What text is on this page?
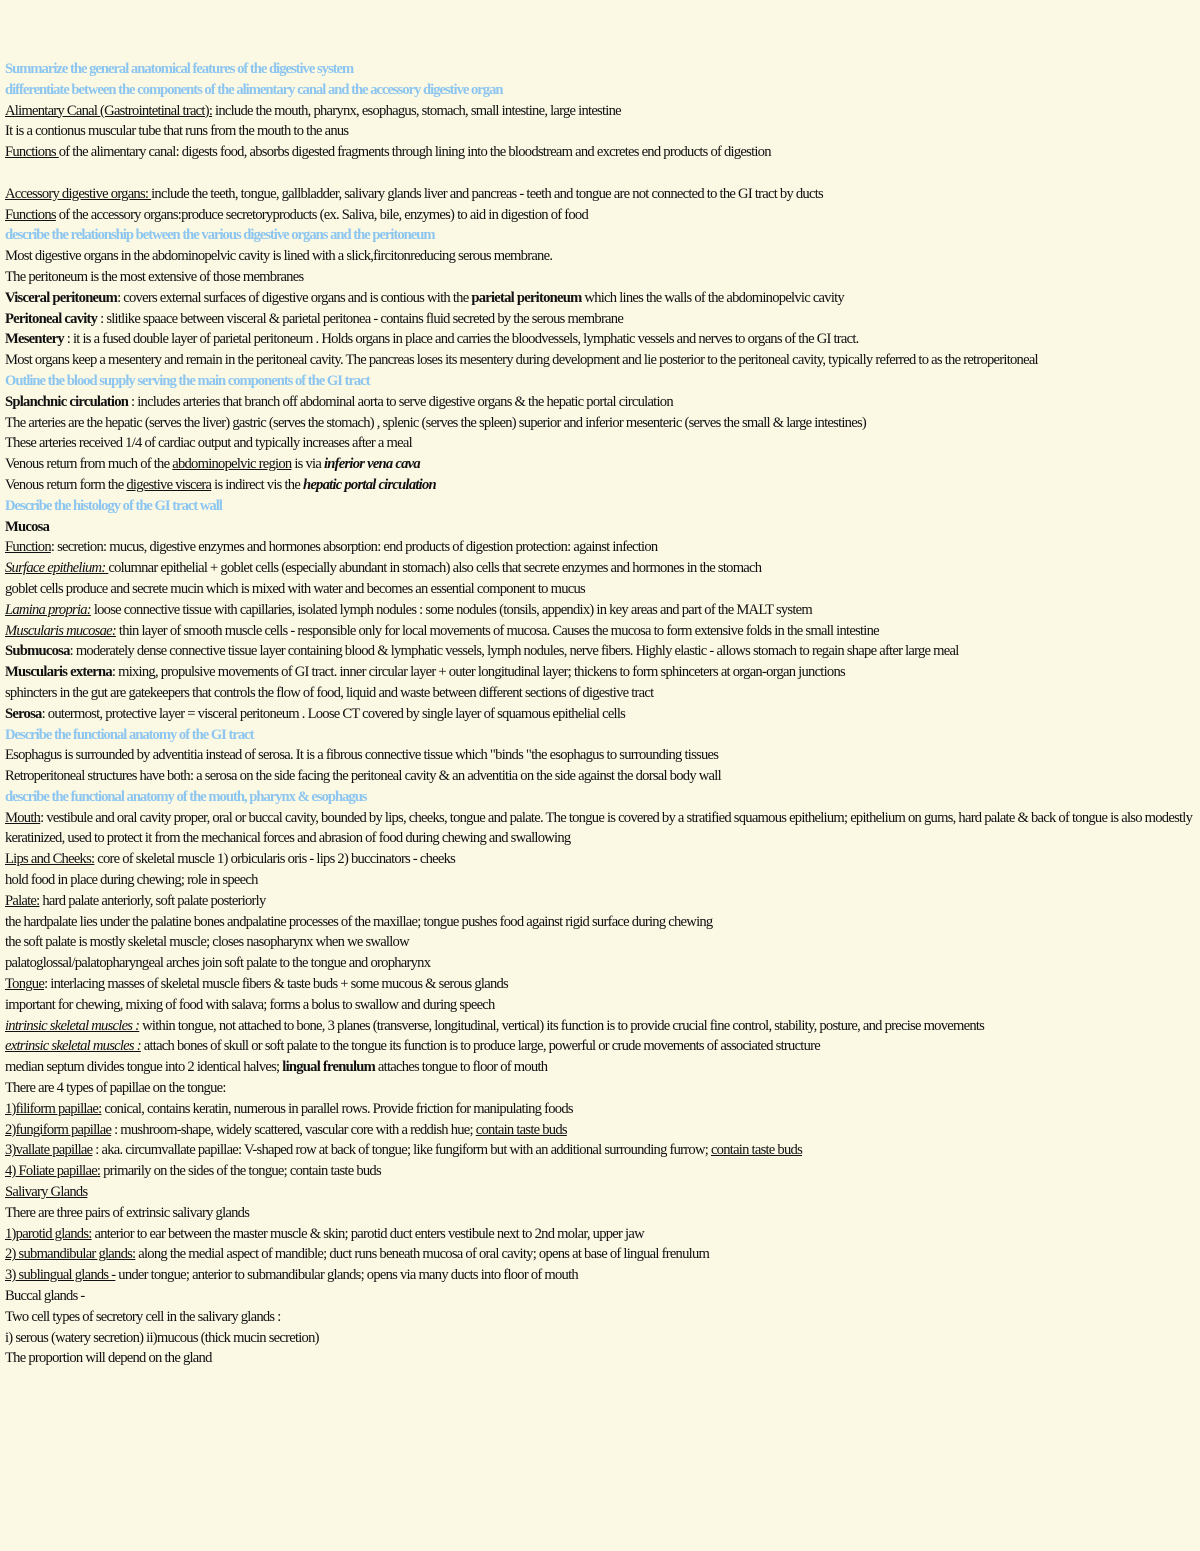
Summarize the general anatomical features of the digestive system
differentiate between the components of the alimentary canal and the accessory digestive organ
Alimentary Canal (Gastrointetinal tract): include the mouth, pharynx, esophagus, stomach, small intestine, large intestine
It is a contionus muscular tube that runs from the mouth to the anus
Functions of the alimentary canal: digests food, absorbs digested fragments through lining into the bloodstream and excretes end products of digestion
Accessory digestive organs: include the teeth, tongue, gallbladder, salivary glands liver and pancreas - teeth and tongue are not connected to the GI tract by ducts
Functions of the accessory organs:produce secretoryproducts (ex. Saliva, bile, enzymes) to aid in digestion of food
describe the relationship between the various digestive organs and the peritoneum
Most digestive organs in the abdominopelvic cavity is lined with a slick,fircitonreducing serous membrane.
The peritoneum is the most extensive of those membranes
Visceral peritoneum: covers external surfaces of digestive organs and is contious with the parietal peritoneum which lines the walls of the abdominopelvic cavity
Peritoneal cavity : slitlike spaace between visceral & parietal peritonea - contains fluid secreted by the serous membrane
Mesentery : it is a fused double layer of parietal peritoneum . Holds organs in place and carries the bloodvessels, lymphatic vessels and nerves to organs of the GI tract.
Most organs keep a mesentery and remain in the peritoneal cavity. The pancreas loses its mesentery during development and lie posterior to the peritoneal cavity, typically referred to as the retroperitoneal
Outline the blood supply serving the main components of the GI tract
Splanchnic circulation : includes arteries that branch off abdominal aorta to serve digestive organs & the hepatic portal circulation
The arteries are the hepatic (serves the liver) gastric (serves the stomach) , splenic (serves the spleen) superior and inferior mesenteric (serves the small & large intestines)
These arteries received 1/4 of cardiac output and typically increases after a meal
Venous return from much of the abdominopelvic region is via inferior vena cava
Venous return form the digestive viscera is indirect vis the hepatic portal circulation
Describe the histology of the GI tract wall
Mucosa
Function: secretion: mucus, digestive enzymes and hormones absorption: end products of digestion protection: against infection
Surface epithelium: columnar epithelial + goblet cells (especially abundant in stomach) also cells that secrete enzymes and hormones in the stomach
goblet cells produce and secrete mucin which is mixed with water and becomes an essential component to mucus
Lamina propria: loose connective tissue with capillaries, isolated lymph nodules : some nodules (tonsils, appendix) in key areas and part of the MALT system
Muscularis mucosae: thin layer of smooth muscle cells - responsible only for local movements of mucosa. Causes the mucosa to form extensive folds in the small intestine
Submucosa: moderately dense connective tissue layer containing blood & lymphatic vessels, lymph nodules, nerve fibers. Highly elastic - allows stomach to regain shape after large meal
Muscularis externa: mixing, propulsive movements of GI tract. inner circular layer + outer longitudinal layer; thickens to form sphinceters at organ-organ junctions
sphincters in the gut are gatekeepers that controls the flow of food, liquid and waste between different sections of digestive tract
Serosa: outermost, protective layer = visceral peritoneum . Loose CT covered by single layer of squamous epithelial cells
Describe the functional anatomy of the GI tract
Esophagus is surrounded by adventitia instead of serosa. It is a fibrous connective tissue which "binds "the esophagus to surrounding tissues
Retroperitoneal structures have both: a serosa on the side facing the peritoneal cavity & an adventitia on the side against the dorsal body wall
describe the functional anatomy of the mouth, pharynx & esophagus
Mouth: vestibule and oral cavity proper, oral or buccal cavity, bounded by lips, cheeks, tongue and palate. The tongue is covered by a stratified squamous epithelium; epithelium on gums, hard palate & back of tongue is also modestly keratinized, used to protect it from the mechanical forces and abrasion of food during chewing and swallowing
Lips and Cheeks: core of skeletal muscle 1) orbicularis oris - lips 2) buccinators - cheeks
hold food in place during chewing; role in speech
Palate: hard palate anteriorly, soft palate posteriorly
the hardpalate lies under the palatine bones andpalatine processes of the maxillae; tongue pushes food against rigid surface during chewing
the soft palate is mostly skeletal muscle; closes nasopharynx when we swallow
palatoglossal/palatopharyngeal arches join soft palate to the tongue and oropharynx
Tongue: interlacing masses of skeletal muscle fibers & taste buds + some mucous & serous glands
important for chewing, mixing of food with salava; forms a bolus to swallow and during speech
intrinsic skeletal muscles : within tongue, not attached to bone, 3 planes (transverse, longitudinal, vertical) its function is to provide crucial fine control, stability, posture, and precise movements
extrinsic skeletal muscles : attach bones of skull or soft palate to the tongue its function is to produce large, powerful or crude movements of associated structure
median septum divides tongue into 2 identical halves; lingual frenulum attaches tongue to floor of mouth
There are 4 types of papillae on the tongue:
1)filiform papillae: conical, contains keratin, numerous in parallel rows. Provide friction for manipulating foods
2)fungiform papillae : mushroom-shape, widely scattered, vascular core with a reddish hue; contain taste buds
3)vallate papillae : aka. circumvallate papillae: V-shaped row at back of tongue; like fungiform but with an additional surrounding furrow; contain taste buds
4) Foliate papillae: primarily on the sides of the tongue; contain taste buds
Salivary Glands
There are three pairs of extrinsic salivary glands
1)parotid glands: anterior to ear between the master muscle & skin; parotid duct enters vestibule next to 2nd molar, upper jaw
2) submandibular glands: along the medial aspect of mandible; duct runs beneath mucosa of oral cavity; opens at base of lingual frenulum
3) sublingual glands - under tongue; anterior to submandibular glands; opens via many ducts into floor of mouth
Buccal glands -
Two cell types of secretory cell in the salivary glands :
i) serous (watery secretion) ii)mucous (thick mucin secretion)
The proportion will depend on the gland
